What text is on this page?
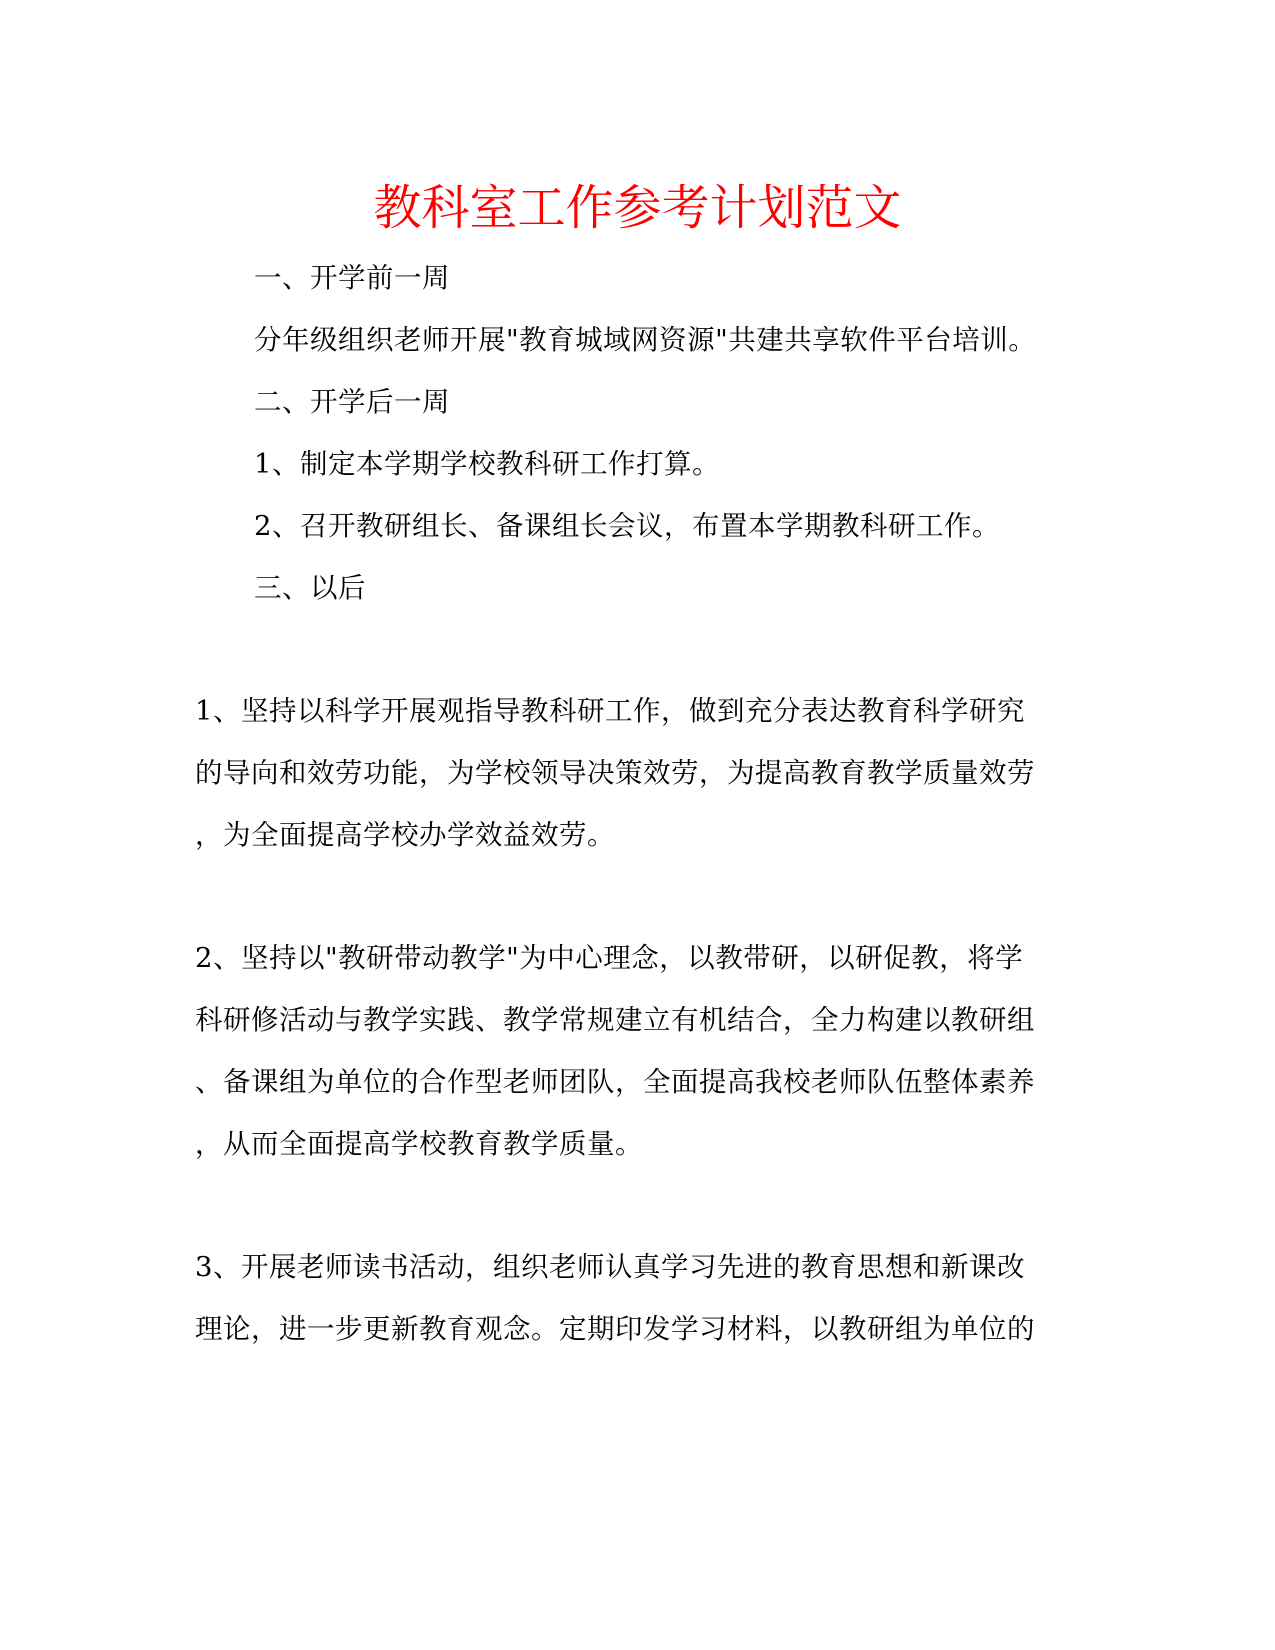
教科室工作参考计划范文
一、开学前一周
分年级组织老师开展"教育城域网资源"共建共享软件平台培训。
二、开学后一周
1、制定本学期学校教科研工作打算。
2、召开教研组长、备课组长会议，布置本学期教科研工作。
三、以后
1、坚持以科学开展观指导教科研工作，做到充分表达教育科学研究
的导向和效劳功能，为学校领导决策效劳，为提高教育教学质量效劳
，为全面提高学校办学效益效劳。
2、坚持以"教研带动教学"为中心理念，以教带研，以研促教，将学
科研修活动与教学实践、教学常规建立有机结合，全力构建以教研组
、备课组为单位的合作型老师团队，全面提高我校老师队伍整体素养
，从而全面提高学校教育教学质量。
3、开展老师读书活动，组织老师认真学习先进的教育思想和新课改
理论，进一步更新教育观念。定期印发学习材料，以教研组为单位的
